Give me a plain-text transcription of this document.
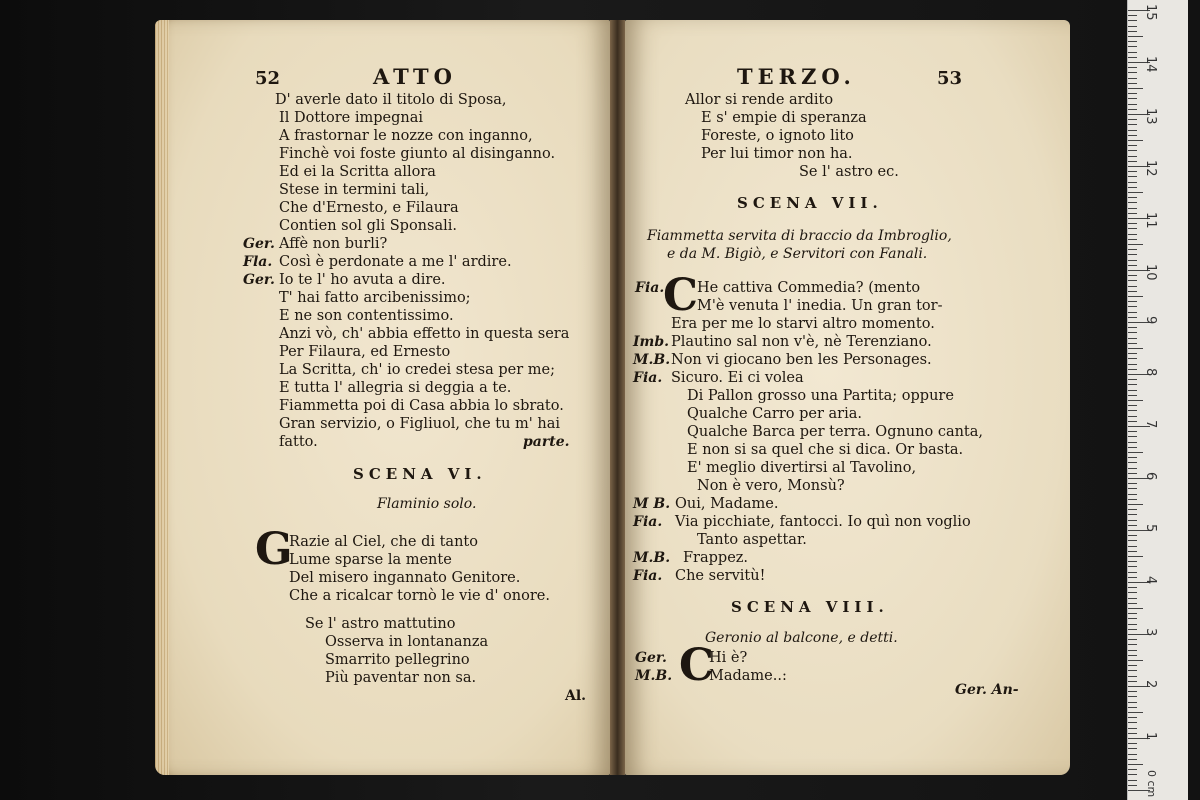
15
14
13
12
11
10
9
8
7
6
5
4
3
2
1
0 cm
52	ATTO
D' averle dato il titolo di Sposa,
Il Dottore impegnai
A frastornar le nozze con inganno,
Finchè voi foste giunto al disinganno.
Ed ei la Scritta allora
Stese in termini tali,
Che d'Ernesto, e Filaura
Contien sol gli Sponsali.
Ger. Affè non burli?
Fla. Così è perdonate a me l' ardire.
Ger. Io te l' ho avuta a dire.
T' hai fatto arcibenissimo;
E ne son contentissimo.
Anzi vò, ch' abbia effetto in questa sera
Per Filaura, ed Ernesto
La Scritta, ch' io credei stesa per me;
E tutta l' allegria si deggia a te.
Fiammetta poi di Casa abbia lo sbrato.
Gran servizio, o Figliuol, che tu m' hai
fatto.	parte.
SCENA VI.
Flaminio solo.
G
Razie al Ciel, che di tanto
Lume sparse la mente
Del misero ingannato Genitore.
Che a ricalcar tornò le vie d' onore.
Se l' astro mattutino
Osserva in lontananza
Smarrito pellegrino
Più paventar non sa.
Al.
TERZO.	53
Allor si rende ardito
E s' empie di speranza
Foreste, o ignoto lito
Per lui timor non ha.
Se l' astro ec.
SCENA VII.
Fiammetta servita di braccio da Imbroglio,
e da M. Bigiò, e Servitori con Fanali.
C
Fia. He cattiva Commedia? (mento
M'è venuta l' inedia. Un gran tor-
Era per me lo starvi altro momento.
Imb. Plautino sal non v'è, nè Terenziano.
M.B. Non vi giocano ben les Personages.
Fia. Sicuro. Ei ci volea
Di Pallon grosso una Partita; oppure
Qualche Carro per aria.
Qualche Barca per terra. Ognuno canta,
E non si sa quel che si dica. Or basta.
E' meglio divertirsi al Tavolino,
Non è vero, Monsù?
M B. Oui, Madame.
Fia. Via picchiate, fantocci. Io quì non voglio
Tanto aspettar.
M.B. Frappez.
Fia. Che servitù!
SCENA VIII.
Geronio al balcone, e detti.
C
Ger.	Hi è?
M.B.	Madame..:
Ger. An-
